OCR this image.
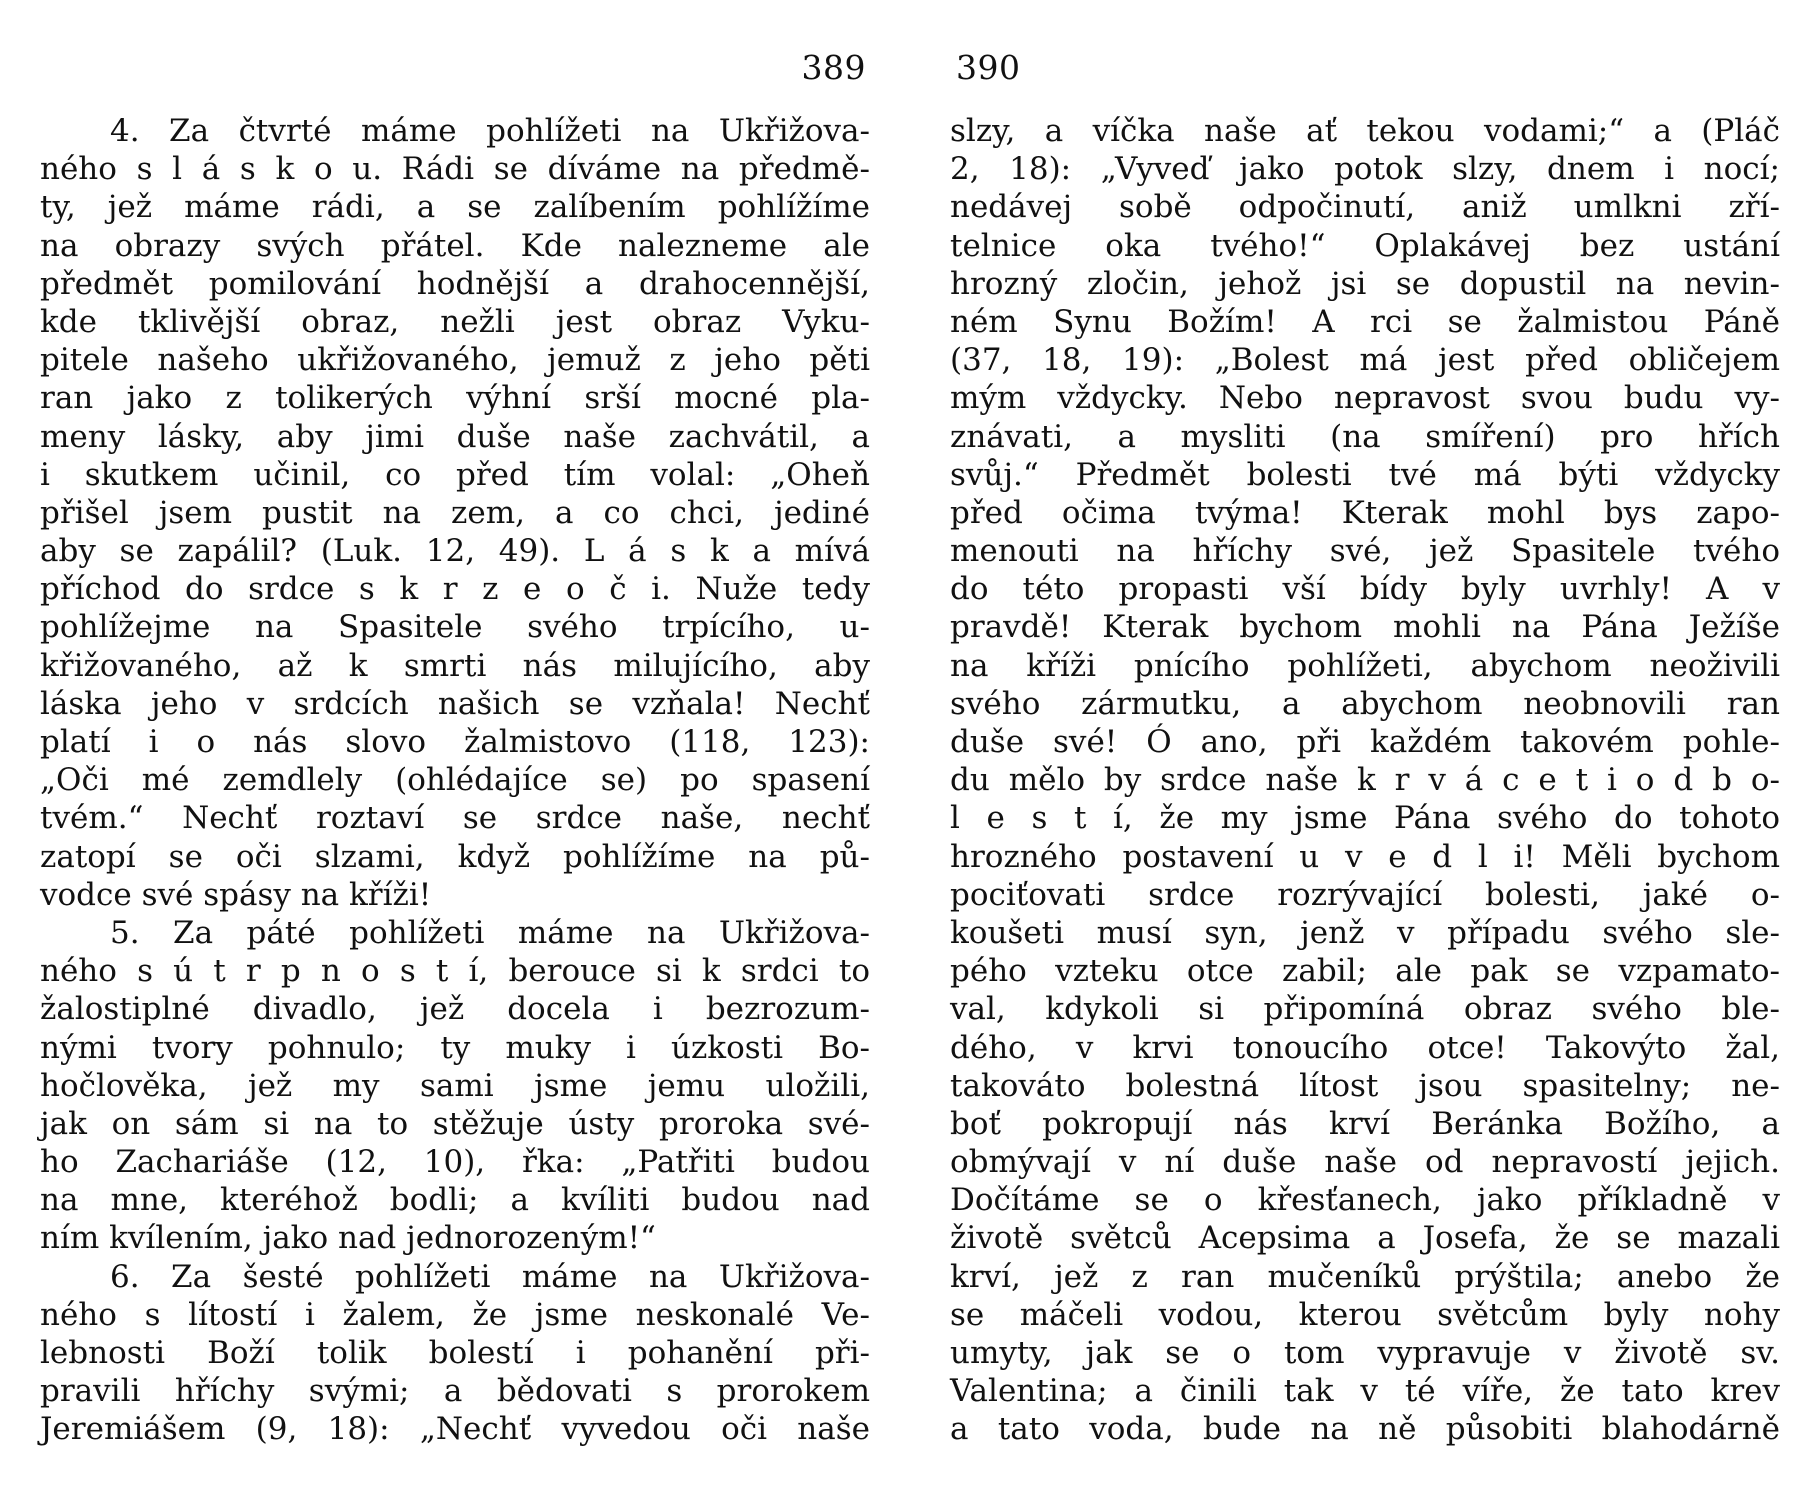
389
4. Za čtvrté máme pohlížeti na Ukřižova-
ného s l á s k o u. Rádi se díváme na předmě-
ty, jež máme rádi, a se zalíbením pohlížíme
na obrazy svých přátel. Kde nalezneme ale
předmět pomilování hodnější a drahocennější,
kde tklivější obraz, nežli jest obraz Vyku-
pitele našeho ukřižovaného, jemuž z jeho pěti
ran jako z tolikerých výhní srší mocné pla-
meny lásky, aby jimi duše naše zachvátil, a
i skutkem učinil, co před tím volal: „Oheň
přišel jsem pustit na zem, a co chci, jediné
aby se zapálil? (Luk. 12, 49). L á s k a mívá
příchod do srdce s k r z e o č i. Nuže tedy
pohlížejme na Spasitele svého trpícího, u-
křižovaného, až k smrti nás milujícího, aby
láska jeho v srdcích našich se vzňala! Nechť
platí i o nás slovo žalmistovo (118, 123):
„Oči mé zemdlely (ohlédajíce se) po spasení
tvém.“ Nechť roztaví se srdce naše, nechť
zatopí se oči slzami, když pohlížíme na pů-
vodce své spásy na kříži!
5. Za páté pohlížeti máme na Ukřižova-
ného s ú t r p n o s t í, berouce si k srdci to
žalostiplné divadlo, jež docela i bezrozum-
nými tvory pohnulo; ty muky i úzkosti Bo-
hočlověka, jež my sami jsme jemu uložili,
jak on sám si na to stěžuje ústy proroka své-
ho Zachariáše (12, 10), řka: „Patřiti budou
na mne, kteréhož bodli; a kvíliti budou nad
ním kvílením, jako nad jednorozeným!“
6. Za šesté pohlížeti máme na Ukřižova-
ného s lítostí i žalem, že jsme neskonalé Ve-
lebnosti Boží tolik bolestí i pohanění při-
pravili hříchy svými; a bědovati s prorokem
Jeremiášem (9, 18): „Nechť vyvedou oči naše
390
slzy, a víčka naše ať tekou vodami;“ a (Pláč
2, 18): „Vyveď jako potok slzy, dnem i nocí;
nedávej sobě odpočinutí, aniž umlkni zří-
telnice oka tvého!“ Oplakávej bez ustání
hrozný zločin, jehož jsi se dopustil na nevin-
ném Synu Božím! A rci se žalmistou Páně
(37, 18, 19): „Bolest má jest před obličejem
mým vždycky. Nebo nepravost svou budu vy-
znávati, a mysliti (na smíření) pro hřích
svůj.“ Předmět bolesti tvé má býti vždycky
před očima tvýma! Kterak mohl bys zapo-
menouti na hříchy své, jež Spasitele tvého
do této propasti vší bídy byly uvrhly! A v
pravdě! Kterak bychom mohli na Pána Ježíše
na kříži pnícího pohlížeti, abychom neoživili
svého zármutku, a abychom neobnovili ran
duše své! Ó ano, při každém takovém pohle-
du mělo by srdce naše k r v á c e t i o d b o-
l e s t í, že my jsme Pána svého do tohoto
hrozného postavení u v e d l i! Měli bychom
pociťovati srdce rozrývající bolesti, jaké o-
koušeti musí syn, jenž v případu svého sle-
pého vzteku otce zabil; ale pak se vzpamato-
val, kdykoli si připomíná obraz svého ble-
dého, v krvi tonoucího otce! Takovýto žal,
takováto bolestná lítost jsou spasitelny; ne-
boť pokropují nás krví Beránka Božího, a
obmývají v ní duše naše od nepravostí jejich.
Dočítáme se o křesťanech, jako příkladně v
životě světců Acepsima a Josefa, že se mazali
krví, jež z ran mučeníků prýštila; anebo že
se máčeli vodou, kterou světcům byly nohy
umyty, jak se o tom vypravuje v životě sv.
Valentina; a činili tak v té víře, že tato krev
a tato voda, bude na ně působiti blahodárně
